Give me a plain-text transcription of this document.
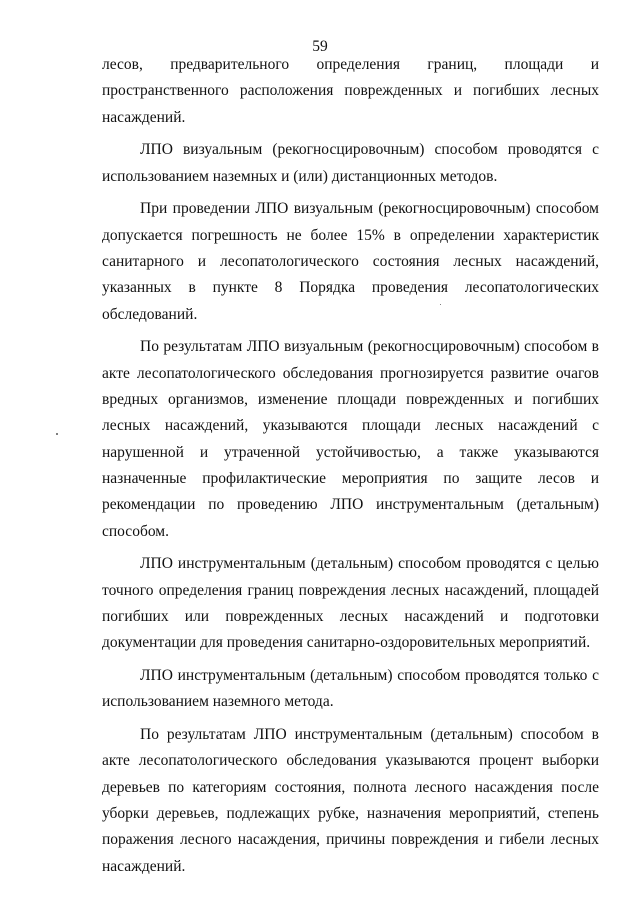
59

лесов, предварительного определения границ, площади и пространственного расположения поврежденных и погибших лесных насаждений.

ЛПО визуальным (рекогносцировочным) способом проводятся с использованием наземных и (или) дистанционных методов.

При проведении ЛПО визуальным (рекогносцировочным) способом допускается погрешность не более 15% в определении характеристик санитарного и лесопатологического состояния лесных насаждений, указанных в пункте 8 Порядка проведения лесопатологических обследований.

По результатам ЛПО визуальным (рекогносцировочным) способом в акте лесопатологического обследования прогнозируется развитие очагов вредных организмов, изменение площади поврежденных и погибших лесных насаждений, указываются площади лесных насаждений с нарушенной и утраченной устойчивостью, а также указываются назначенные профилактические мероприятия по защите лесов и рекомендации по проведению ЛПО инструментальным (детальным) способом.

ЛПО инструментальным (детальным) способом проводятся с целью точного определения границ повреждения лесных насаждений, площадей погибших или поврежденных лесных насаждений и подготовки документации для проведения санитарно-оздоровительных мероприятий.

ЛПО инструментальным (детальным) способом проводятся только с использованием наземного метода.

По результатам ЛПО инструментальным (детальным) способом в акте лесопатологического обследования указываются процент выборки деревьев по категориям состояния, полнота лесного насаждения после уборки деревьев, подлежащих рубке, назначения мероприятий, степень поражения лесного насаждения, причины повреждения и гибели лесных насаждений.
